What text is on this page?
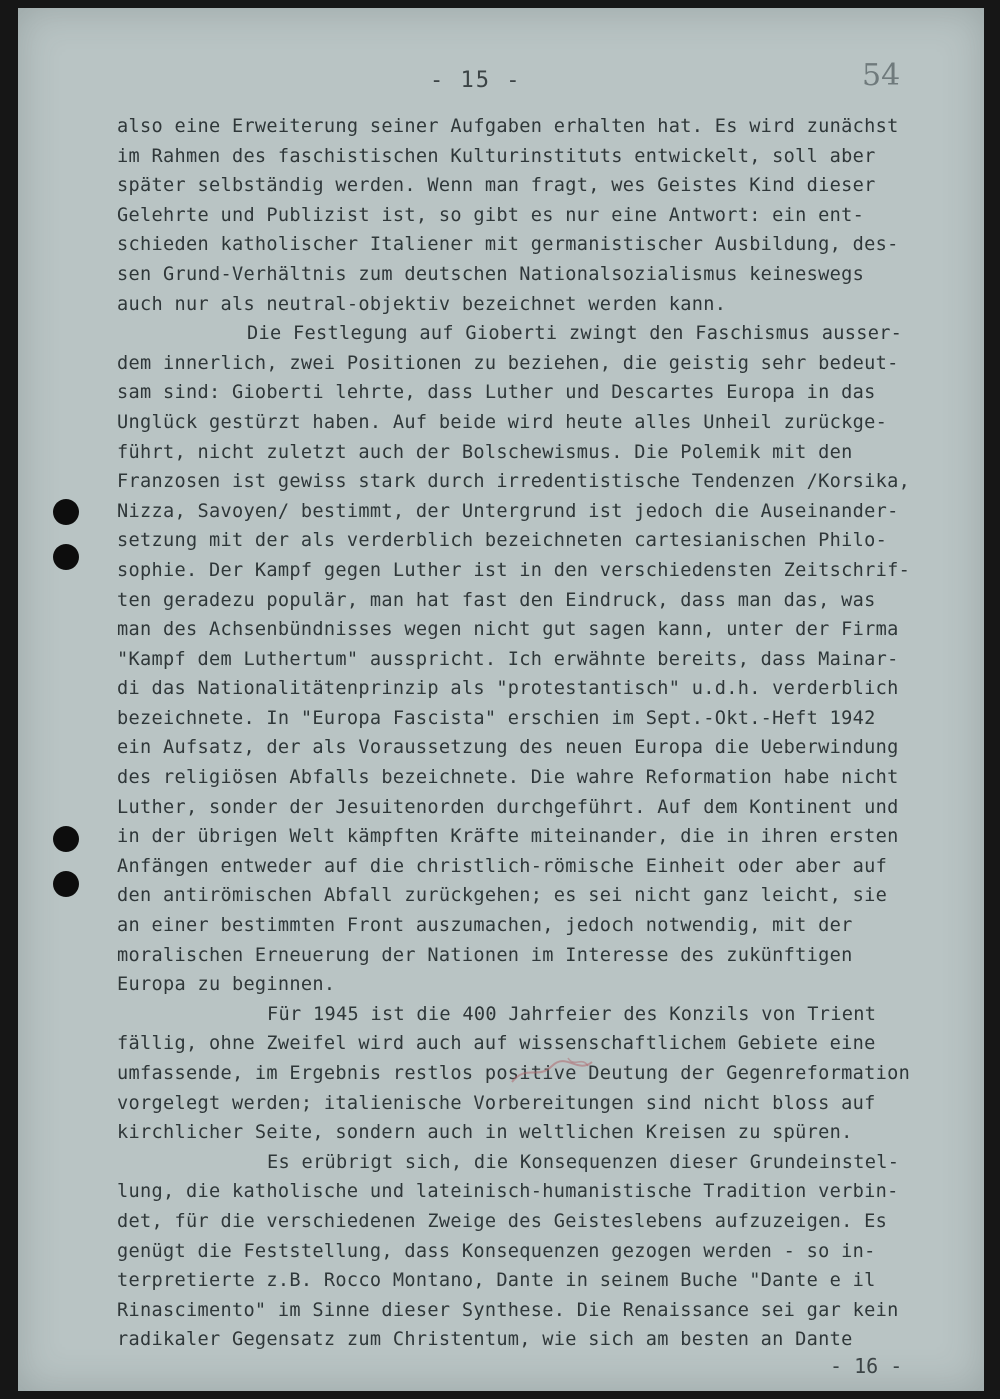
- 15 -	54
also eine Erweiterung seiner Aufgaben erhalten hat. Es wird zunächst
im Rahmen des faschistischen Kulturinstituts entwickelt, soll aber
später selbständig werden. Wenn man fragt, wes Geistes Kind dieser
Gelehrte und Publizist ist, so gibt es nur eine Antwort: ein ent-
schieden katholischer Italiener mit germanistischer Ausbildung, des-
sen Grund-Verhältnis zum deutschen Nationalsozialismus keineswegs
auch nur als neutral-objektiv bezeichnet werden kann.
Die Festlegung auf Gioberti zwingt den Faschismus ausser-
dem innerlich, zwei Positionen zu beziehen, die geistig sehr bedeut-
sam sind: Gioberti lehrte, dass Luther und Descartes Europa in das
Unglück gestürzt haben. Auf beide wird heute alles Unheil zurückge-
führt, nicht zuletzt auch der Bolschewismus. Die Polemik mit den
Franzosen ist gewiss stark durch irredentistische Tendenzen /Korsika,
Nizza, Savoyen/ bestimmt, der Untergrund ist jedoch die Auseinander-
setzung mit der als verderblich bezeichneten cartesianischen Philo-
sophie. Der Kampf gegen Luther ist in den verschiedensten Zeitschrif-
ten geradezu populär, man hat fast den Eindruck, dass man das, was
man des Achsenbündnisses wegen nicht gut sagen kann, unter der Firma
"Kampf dem Luthertum" ausspricht. Ich erwähnte bereits, dass Mainar-
di das Nationalitätenprinzip als "protestantisch" u.d.h. verderblich
bezeichnete. In "Europa Fascista" erschien im Sept.-Okt.-Heft 1942
ein Aufsatz, der als Voraussetzung des neuen Europa die Ueberwindung
des religiösen Abfalls bezeichnete. Die wahre Reformation habe nicht
Luther, sonder der Jesuitenorden durchgeführt. Auf dem Kontinent und
in der übrigen Welt kämpften Kräfte miteinander, die in ihren ersten
Anfängen entweder auf die christlich-römische Einheit oder aber auf
den antirömischen Abfall zurückgehen; es sei nicht ganz leicht, sie
an einer bestimmten Front auszumachen, jedoch notwendig, mit der
moralischen Erneuerung der Nationen im Interesse des zukünftigen
Europa zu beginnen.
Für 1945 ist die 400 Jahrfeier des Konzils von Trient
fällig, ohne Zweifel wird auch auf wissenschaftlichem Gebiete eine
umfassende, im Ergebnis restlos positive Deutung der Gegenreformation
vorgelegt werden; italienische Vorbereitungen sind nicht bloss auf
kirchlicher Seite, sondern auch in weltlichen Kreisen zu spüren.
Es erübrigt sich, die Konsequenzen dieser Grundeinstel-
lung, die katholische und lateinisch-humanistische Tradition verbin-
det, für die verschiedenen Zweige des Geisteslebens aufzuzeigen. Es
genügt die Feststellung, dass Konsequenzen gezogen werden - so in-
terpretierte z.B. Rocco Montano, Dante in seinem Buche "Dante e il
Rinascimento" im Sinne dieser Synthese. Die Renaissance sei gar kein
radikaler Gegensatz zum Christentum, wie sich am besten an Dante
- 16 -
